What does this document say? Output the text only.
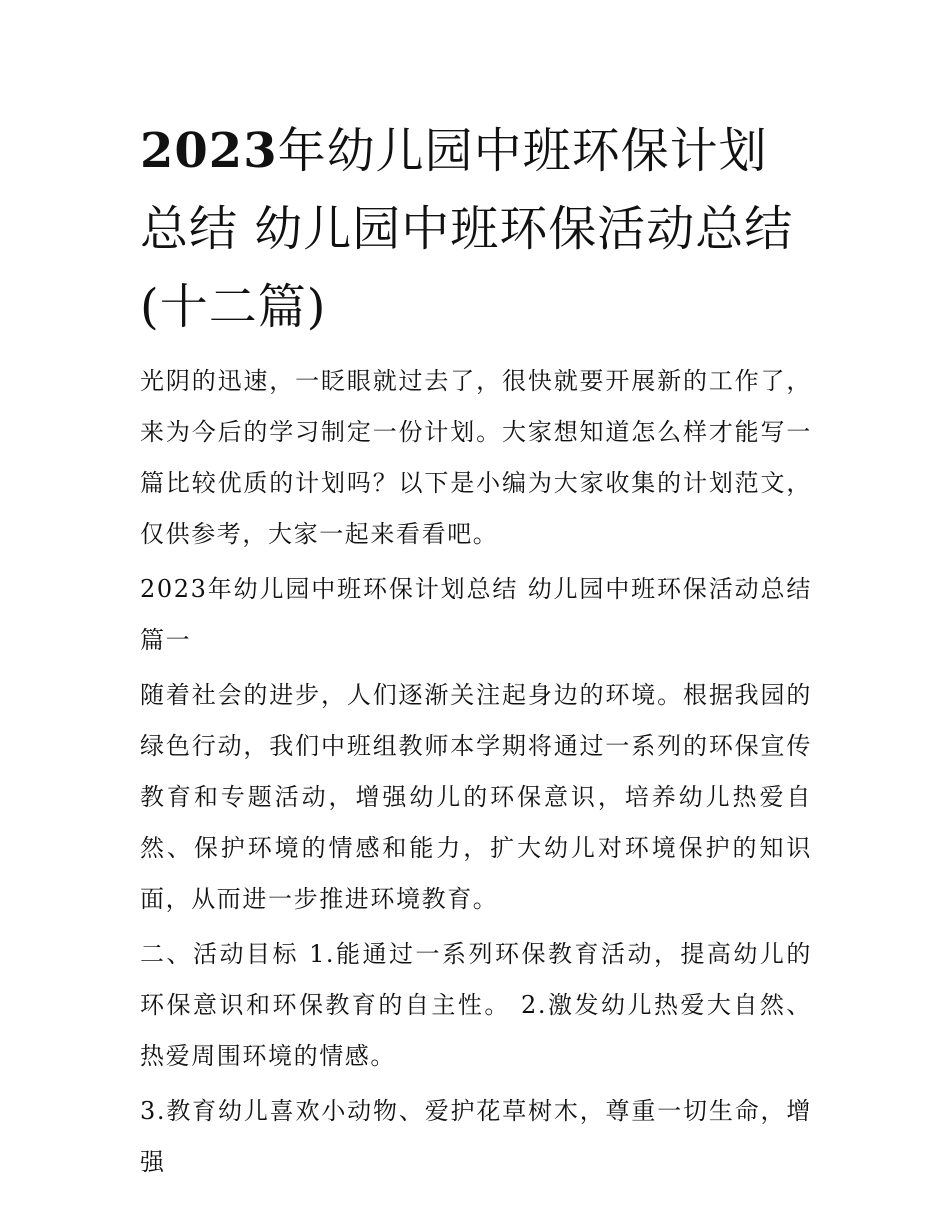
2023年幼儿园中班环保计划总结 幼儿园中班环保活动总结(十二篇)

光阴的迅速，一眨眼就过去了，很快就要开展新的工作了，来为今后的学习制定一份计划。大家想知道怎么样才能写一篇比较优质的计划吗？以下是小编为大家收集的计划范文，仅供参考，大家一起来看看吧。

2023年幼儿园中班环保计划总结 幼儿园中班环保活动总结篇一

随着社会的进步，人们逐渐关注起身边的环境。根据我园的绿色行动，我们中班组教师本学期将通过一系列的环保宣传教育和专题活动，增强幼儿的环保意识，培养幼儿热爱自然、保护环境的情感和能力，扩大幼儿对环境保护的知识面，从而进一步推进环境教育。

二、活动目标 1.能通过一系列环保教育活动，提高幼儿的环保意识和环保教育的自主性。 2.激发幼儿热爱大自然、热爱周围环境的情感。

3.教育幼儿喜欢小动物、爱护花草树木，尊重一切生命，增强
